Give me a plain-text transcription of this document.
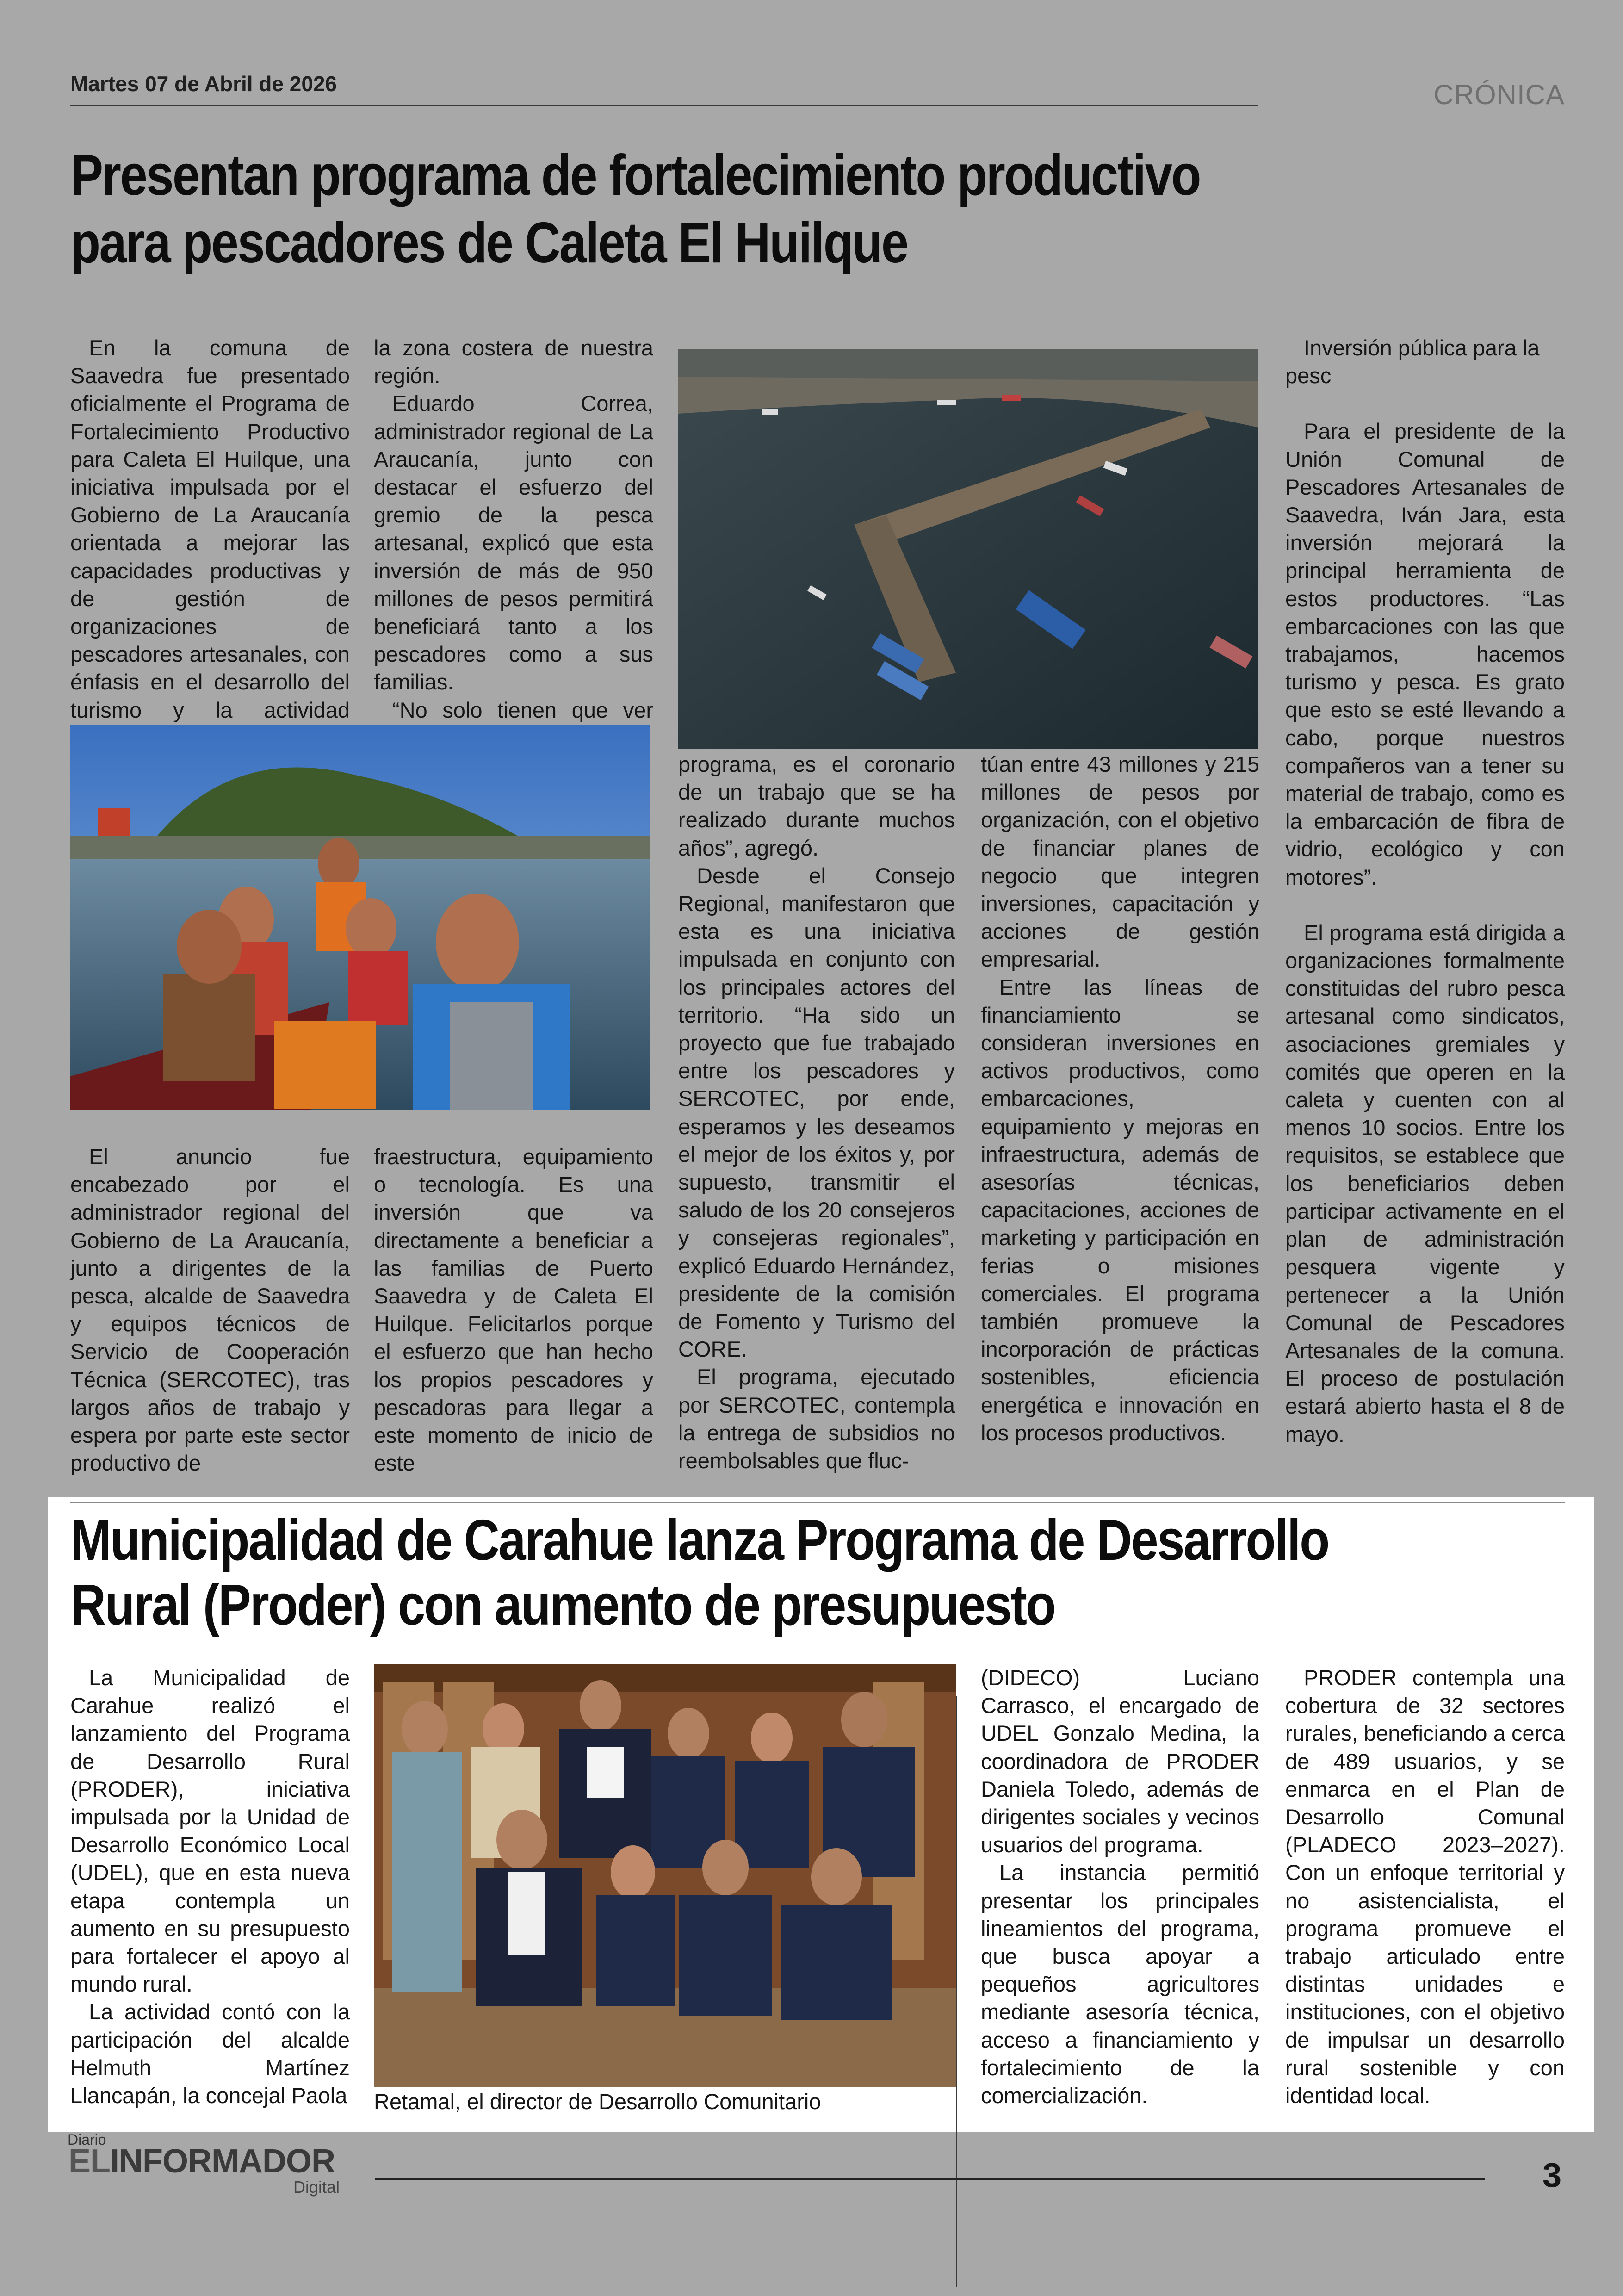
Martes 07 de Abril de 2026	CRÓNICA
Presentan programa de fortalecimiento productivo
para pescadores de Caleta El Huilque

En la comuna de Saavedra fue presentado oficialmente el Programa de Fortalecimiento Productivo para Caleta El Huilque, una iniciativa impulsada por el Gobierno de La Araucanía orientada a mejorar las capacidades productivas y de gestión de organizaciones de pescadores artesanales, con énfasis en el desarrollo del turismo y la actividad

la zona costera de nuestra región.

Eduardo Correa, administrador regional de La Araucanía, junto con destacar el esfuerzo del gremio de la pesca artesanal, explicó que esta inversión de más de 950 millones de pesos permitirá beneficiará tanto a los pescadores como a sus familias.

“No solo tienen que ver

El anuncio fue encabezado por el administrador regional del Gobierno de La Araucanía, junto a dirigentes de la pesca, alcalde de Saavedra y equipos técnicos de Servicio de Cooperación Técnica (SERCOTEC), tras largos años de trabajo y espera por parte este sector productivo de

fraestructura, equipamiento o tecnología. Es una inversión que va directamente a beneficiar a las familias de Puerto Saavedra y de Caleta El Huilque. Felicitarlos porque el esfuerzo que han hecho los propios pescadores y pescadoras para llegar a este momento de inicio de este

programa, es el coronario de un trabajo que se ha realizado durante muchos años”, agregó.

Desde el Consejo Regional, manifestaron que esta es una iniciativa impulsada en conjunto con los principales actores del territorio. “Ha sido un proyecto que fue trabajado entre los pescadores y SERCOTEC, por ende, esperamos y les deseamos el mejor de los éxitos y, por supuesto, transmitir el saludo de los 20 consejeros y consejeras regionales”, explicó Eduardo Hernández, presidente de la comisión de Fomento y Turismo del CORE.

El programa, ejecutado por SERCOTEC, contempla la entrega de subsidios no reembolsables que fluc-

túan entre 43 millones y 215 millones de pesos por organización, con el objetivo de financiar planes de negocio que integren inversiones, capacitación y acciones de gestión empresarial.

Entre las líneas de financiamiento se consideran inversiones en activos productivos, como embarcaciones, equipamiento y mejoras en infraestructura, además de asesorías técnicas, capacitaciones, acciones de marketing y participación en ferias o misiones comerciales. El programa también promueve la incorporación de prácticas sostenibles, eficiencia energética e innovación en los procesos productivos.

Inversión pública para la pesc

Para el presidente de la Unión Comunal de Pescadores Artesanales de Saavedra, Iván Jara, esta inversión mejorará la principal herramienta de estos productores. “Las embarcaciones con las que trabajamos, hacemos turismo y pesca. Es grato que esto se esté llevando a cabo, porque nuestros compañeros van a tener su material de trabajo, como es la embarcación de fibra de vidrio, ecológico y con motores”.

El programa está dirigida a organizaciones formalmente constituidas del rubro pesca artesanal como sindicatos, asociaciones gremiales y comités que operen en la caleta y cuenten con al menos 10 socios. Entre los requisitos, se establece que los beneficiarios deben participar activamente en el plan de administración pesquera vigente y pertenecer a la Unión Comunal de Pescadores Artesanales de la comuna. El proceso de postulación estará abierto hasta el 8 de mayo.

Municipalidad de Carahue lanza Programa de Desarrollo
Rural (Proder) con aumento de presupuesto

La Municipalidad de Carahue realizó el lanzamiento del Programa de Desarrollo Rural (PRODER), iniciativa impulsada por la Unidad de Desarrollo Económico Local (UDEL), que en esta nueva etapa contempla un aumento en su presupuesto para fortalecer el apoyo al mundo rural.

La actividad contó con la participación del alcalde Helmuth Martínez Llancapán, la concejal Paola Retamal, el director de Desarrollo Comunitario

(DIDECO) Luciano Carrasco, el encargado de UDEL Gonzalo Medina, la coordinadora de PRODER Daniela Toledo, además de dirigentes sociales y vecinos usuarios del programa.

La instancia permitió presentar los principales lineamientos del programa, que busca apoyar a pequeños agricultores mediante asesoría técnica, acceso a financiamiento y fortalecimiento de la comercialización.

PRODER contempla una cobertura de 32 sectores rurales, beneficiando a cerca de 489 usuarios, y se enmarca en el Plan de Desarrollo Comunal (PLADECO 2023–2027). Con un enfoque territorial y no asistencialista, el programa promueve el trabajo articulado entre distintas unidades e instituciones, con el objetivo de impulsar un desarrollo rural sostenible y con identidad local.

Diario
ELINFORMADOR
Digital	3
